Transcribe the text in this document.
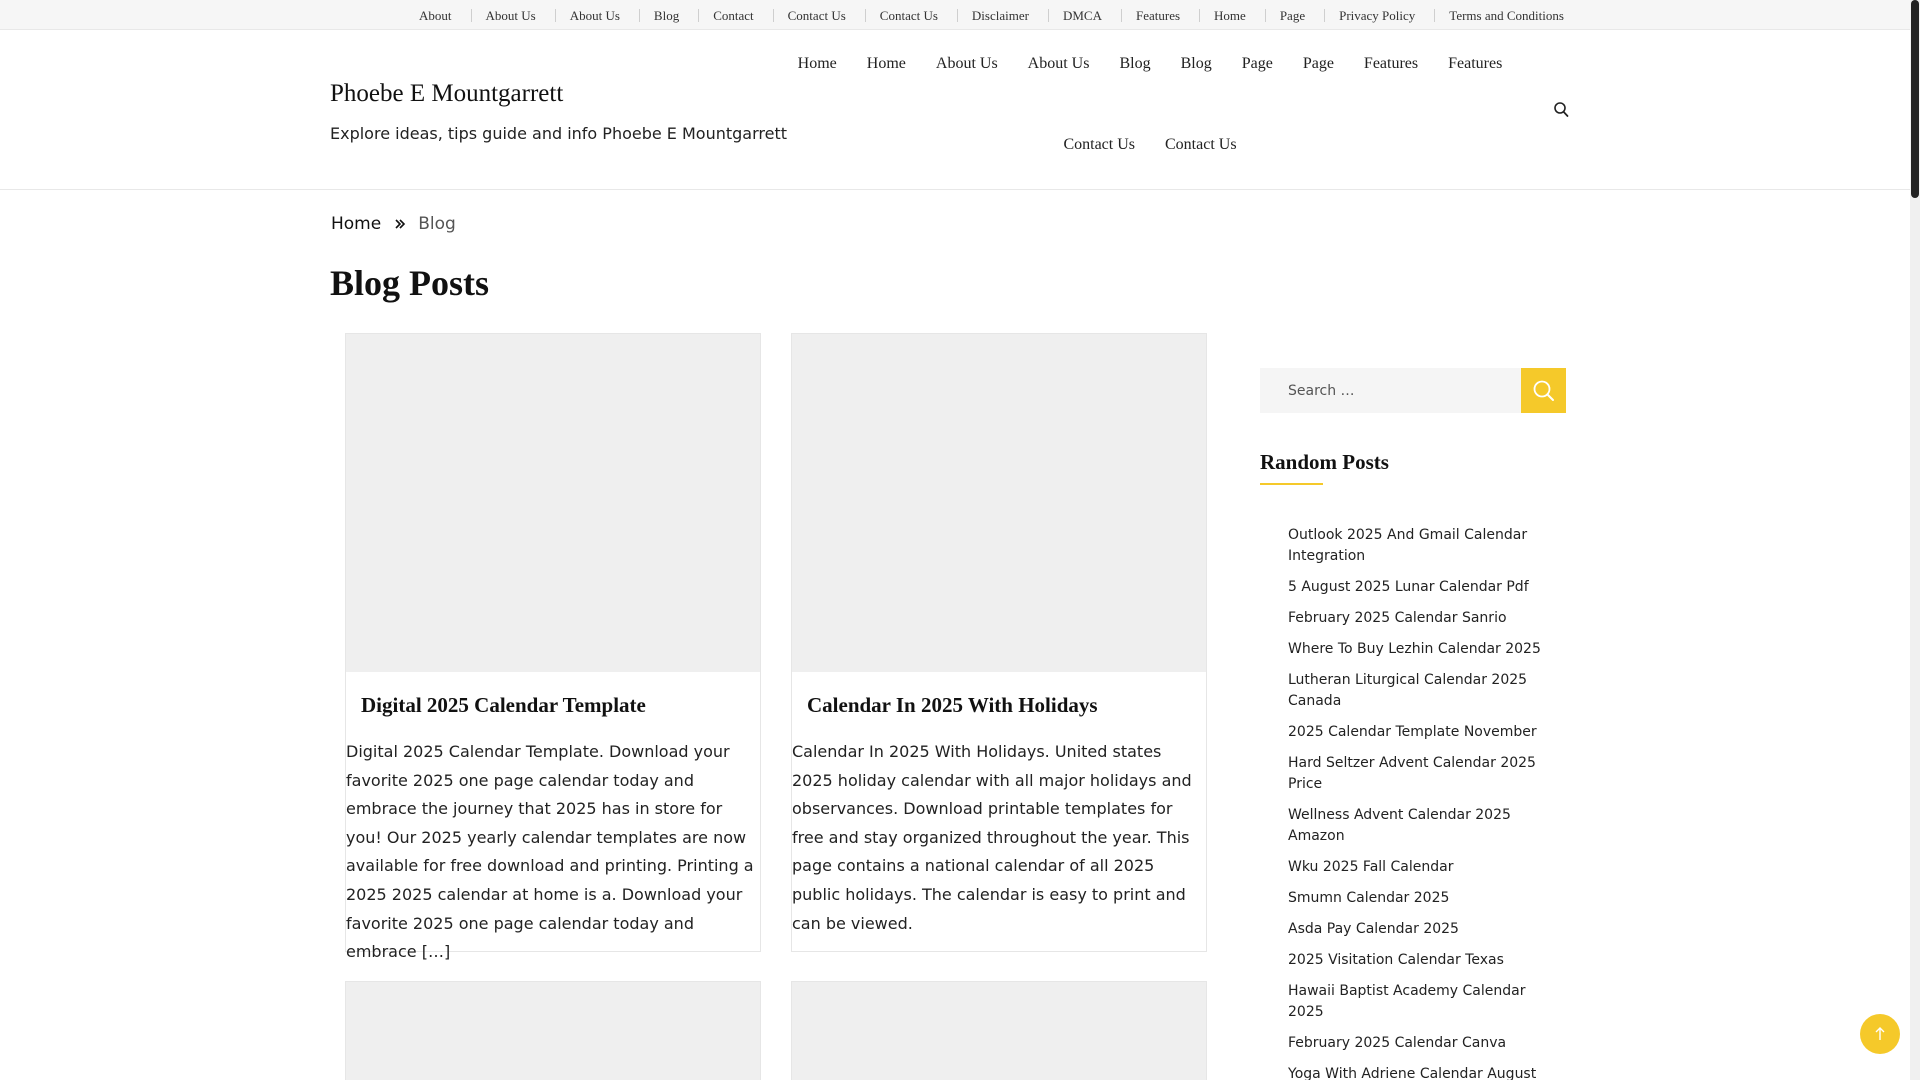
About	About Us	About Us	Blog	Contact	Contact Us	Contact Us	Disclaimer	DMCA	Features	Home	Page	Privacy Policy	Terms and Conditions
Phoebe E Mountgarrett
Explore ideas, tips guide and info Phoebe E Mountgarrett
Home	Home	About Us	About Us	Blog	Blog	Page	Page	Features	Features
Contact Us	Contact Us
Home Blog
Blog Posts
Digital 2025 Calendar Template

Digital 2025 Calendar Template. Download your favorite 2025 one page calendar today and embrace the journey that 2025 has in store for you! Our 2025 yearly calendar templates are now available for free download and printing. Printing a 2025 2025 calendar at home is a. Download your favorite 2025 one page calendar today and embrace […]

Calendar In 2025 With Holidays

Calendar In 2025 With Holidays. United states 2025 holiday calendar with all major holidays and observances. Download printable templates for free and stay organized throughout the year. This page contains a national calendar of all 2025 public holidays. The calendar is easy to print and can be viewed.

Search …
Random Posts
Outlook 2025 And Gmail Calendar Integration
5 August 2025 Lunar Calendar Pdf
February 2025 Calendar Sanrio
Where To Buy Lezhin Calendar 2025
Lutheran Liturgical Calendar 2025 Canada
2025 Calendar Template November
Hard Seltzer Advent Calendar 2025 Price
Wellness Advent Calendar 2025 Amazon
Wku 2025 Fall Calendar
Smumn Calendar 2025
Asda Pay Calendar 2025
2025 Visitation Calendar Texas
Hawaii Baptist Academy Calendar 2025
February 2025 Calendar Canva
Yoga With Adriene Calendar August
